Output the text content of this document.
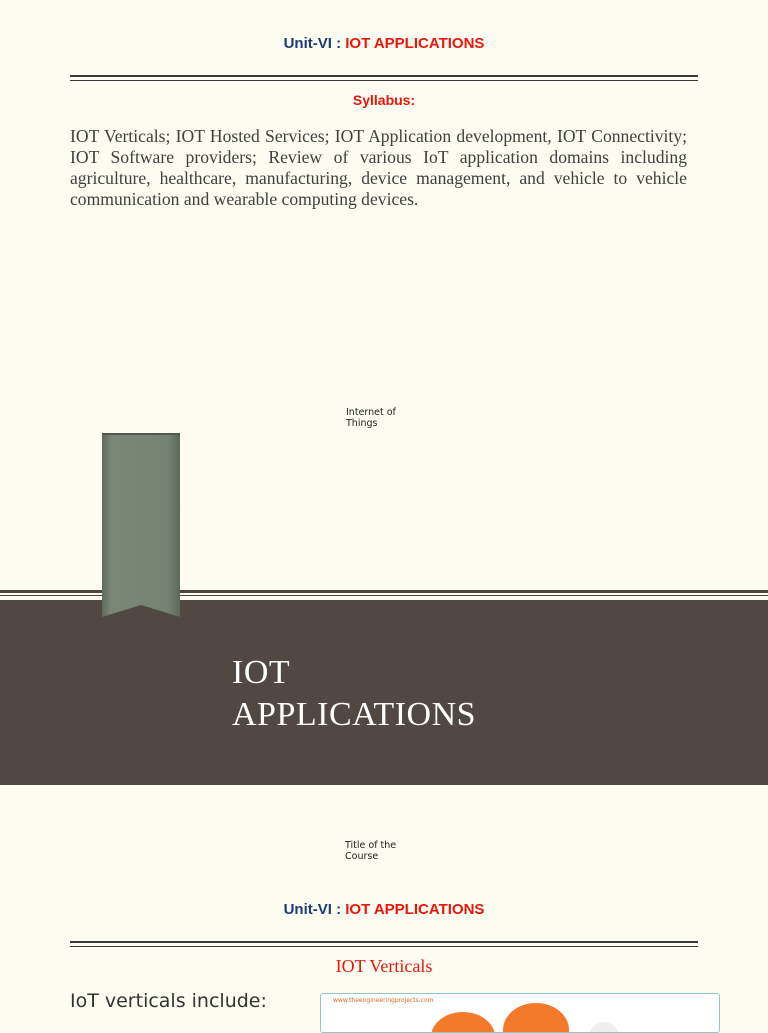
Unit-VI : IOT APPLICATIONS
Syllabus:

IOT Verticals; IOT Hosted Services; IOT Application development, IOT Connectivity; IOT Software providers; Review of various IoT application domains including agriculture, healthcare, manufacturing, device management, and vehicle to vehicle communication and wearable computing devices.

Internet of Things
IOT APPLICATIONS
Title of the Course
Unit-VI : IOT APPLICATIONS
IOT Verticals
IoT verticals include:	www.theengineeringprojects.com
